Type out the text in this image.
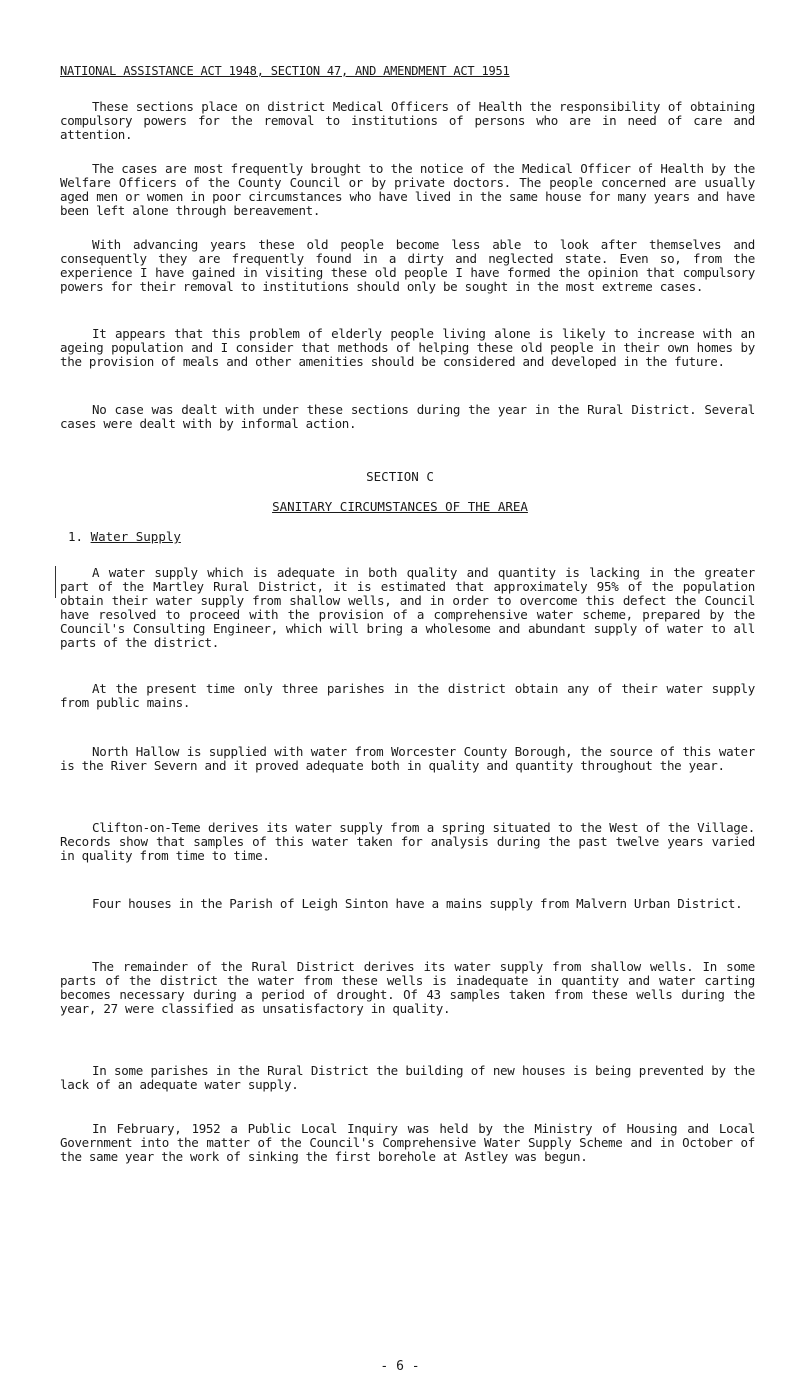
NATIONAL ASSISTANCE ACT 1948, SECTION 47, AND AMENDMENT ACT 1951

These sections place on district Medical Officers of Health the responsibility of obtaining compulsory powers for the removal to institutions of persons who are in need of care and attention.

The cases are most frequently brought to the notice of the Medical Officer of Health by the Welfare Officers of the County Council or by private doctors. The people concerned are usually aged men or women in poor circumstances who have lived in the same house for many years and have been left alone through bereavement.

With advancing years these old people become less able to look after themselves and consequently they are frequently found in a dirty and neglected state. Even so, from the experience I have gained in visiting these old people I have formed the opinion that compulsory powers for their removal to institutions should only be sought in the most extreme cases.

It appears that this problem of elderly people living alone is likely to increase with an ageing population and I consider that methods of helping these old people in their own homes by the provision of meals and other amenities should be considered and developed in the future.

No case was dealt with under these sections during the year in the Rural District. Several cases were dealt with by informal action.

SECTION C
SANITARY CIRCUMSTANCES OF THE AREA
1. Water Supply

A water supply which is adequate in both quality and quantity is lacking in the greater part of the Martley Rural District, it is estimated that approximately 95% of the population obtain their water supply from shallow wells, and in order to overcome this defect the Council have resolved to proceed with the provision of a comprehensive water scheme, prepared by the Council's Consulting Engineer, which will bring a wholesome and abundant supply of water to all parts of the district.

At the present time only three parishes in the district obtain any of their water supply from public mains.

North Hallow is supplied with water from Worcester County Borough, the source of this water is the River Severn and it proved adequate both in quality and quantity throughout the year.

Clifton-on-Teme derives its water supply from a spring situated to the West of the Village. Records show that samples of this water taken for analysis during the past twelve years varied in quality from time to time.

Four houses in the Parish of Leigh Sinton have a mains supply from Malvern Urban District.

The remainder of the Rural District derives its water supply from shallow wells. In some parts of the district the water from these wells is inadequate in quantity and water carting becomes necessary during a period of drought. Of 43 samples taken from these wells during the year, 27 were classified as unsatisfactory in quality.

In some parishes in the Rural District the building of new houses is being prevented by the lack of an adequate water supply.

In February, 1952 a Public Local Inquiry was held by the Ministry of Housing and Local Government into the matter of the Council's Comprehensive Water Supply Scheme and in October of the same year the work of sinking the first borehole at Astley was begun.

- 6 -
